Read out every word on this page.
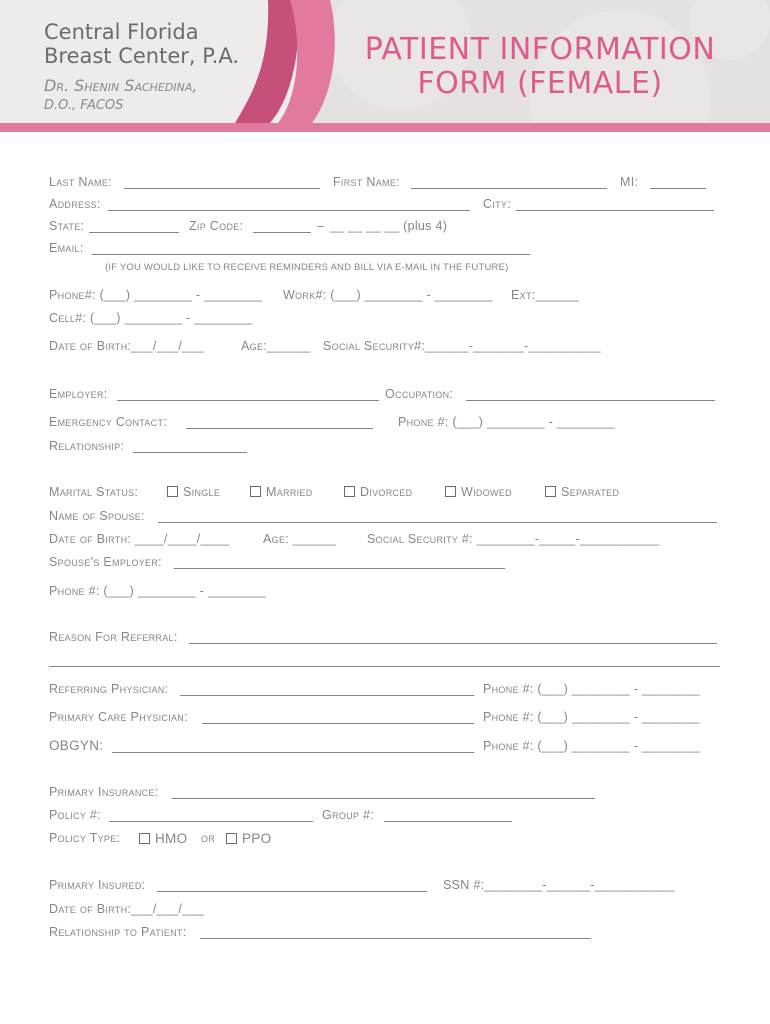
Central Florida
Breast Center, P.A.
Dr. Shenin Sachedina,
D.O., FACOS
PATIENT INFORMATION
FORM (FEMALE)
Last Name:	First Name:	MI:
Address:	City:
State:	Zip Code:	– __ __ __ __ (plus 4)
Email:
(IF YOU WOULD LIKE TO RECEIVE REMINDERS AND BILL VIA E-MAIL IN THE FUTURE)
Phone#: (___) ________ - ________ Work#: (___) ________ - ________ Ext:______
Cell#: (___) ________ - ________
Date of Birth:___/___/___	Age:______ Social Security#:______-_______-__________
Employer:	Occupation:
Emergency Contact:	Phone #: (___) ________ - ________
Relationship:
Marital Status:	Single	Married	Divorced	Widowed	Separated
Name of Spouse:
Date of Birth: ____/____/____	Age: ______ Social Security #: ________-_____-___________
Spouse's Employer:
Phone #: (___) ________ - ________
Reason For Referral:
Referring Physician:	Phone #: (___) ________ - ________
Primary Care Physician:	Phone #: (___) ________ - ________
OBGYN:	Phone #: (___) ________ - ________
Primary Insurance:
Policy #:	Group #:
Policy Type:	HMO or	PPO
Primary Insured:	SSN #:________-______-___________
Date of Birth:___/___/___
Relationship to Patient:
